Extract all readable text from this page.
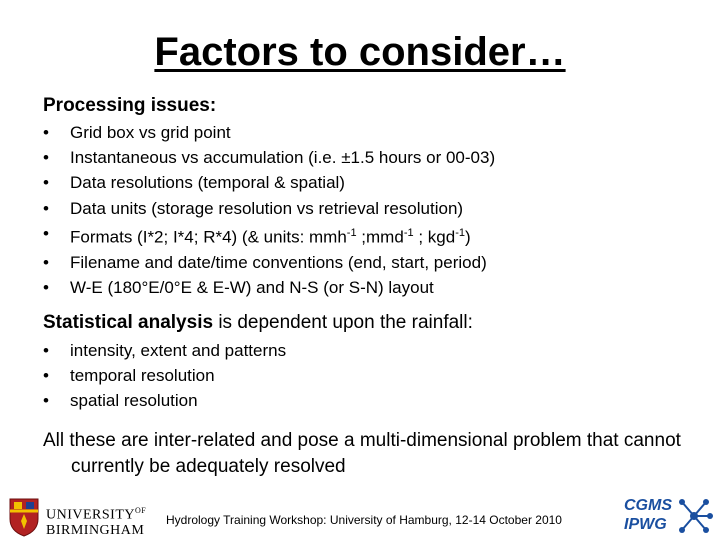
Factors to consider…
Processing issues:
• Grid box vs grid point
• Instantaneous vs accumulation (i.e. ±1.5 hours or 00-03)
• Data resolutions (temporal & spatial)
• Data units (storage resolution vs retrieval resolution)
• Formats (I*2; I*4; R*4) (& units: mmh$^{-1}$ ;mmd$^{-1}$ ; kgd$^{-1}$)
• Filename and date/time conventions (end, start, period)
• W-E (180°E/0°E & E-W) and N-S (or S-N) layout
Statistical analysis is dependent upon the rainfall:
• intensity, extent and patterns
• temporal resolution
• spatial resolution
All these are inter-related and pose a multi-dimensional problem that cannot currently be adequately resolved
$UNIVERSITY^{OF}$
BIRMINGHAM
Hydrology Training Workshop: University of Hamburg, 12-14 October 2010
CGMS
IPWG
